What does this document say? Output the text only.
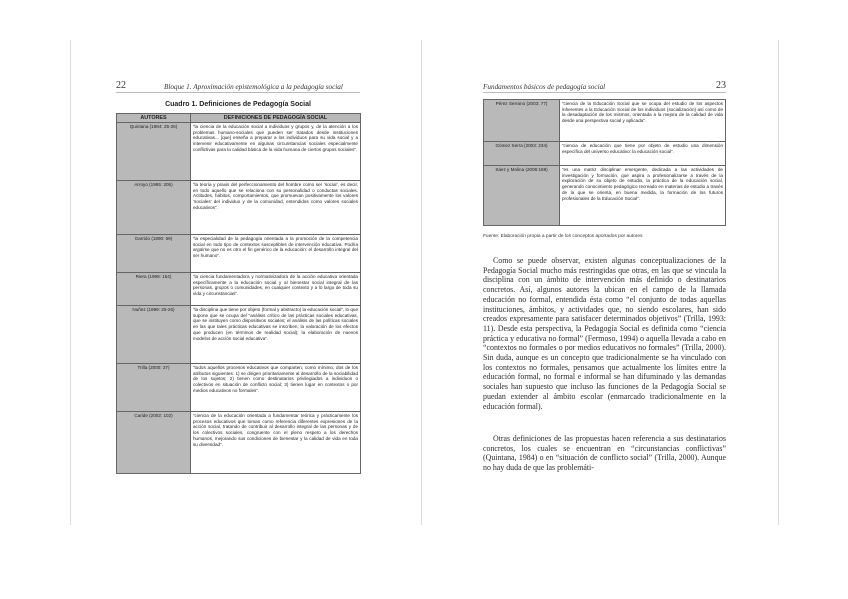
22	Bloque 1. Aproximación epistemológica a la pedagogía social
Cuadro 1. Definiciones de Pedagogía Social
AUTORES	DEFINICIONES DE PEDAGOGÍA SOCIAL
Quintana (1984: 25-26)	“la ciencia de la educación social a individuos y grupos y, de la atención a los problemas humano-sociales que pueden ser tratados desde instituciones educativas... [que] enseña a preparar a los individuos para su vida social y a intervenir educativamente en algunas circunstancias sociales especialmente conflictivas para la calidad básica de la vida humana de ciertos grupos sociales”.
Arroyo (1985: 205)	“la teoría y praxis del perfeccionamiento del hombre como ser ‘social’, es decir, en todo aquello que se relaciona con su personalidad o conductas sociales. Actitudes, hábitos, comportamientos, que promuevan positivamente los valores ‘sociales’ del individuo y de la comunidad, entendidos como valores sociales educativos”.
Garrido (1990: 59)	“la especialidad de la pedagogía orientada a la promoción de la competencia social en todo tipo de contextos susceptibles de intervención educativa. Podría argüirse que no es otro el fin genérico de la educación: el desarrollo integral del ser humano”.
Riera (1998: 154)	“la ciencia fundamentadora y normativizadora de la acción educativa orientada específicamente a la educación social y al bienestar social integral de las personas, grupos o comunidades, en cualquier contexto y a lo largo de toda su vida y circunstancias”.
Nuñez (1999: 25-26)	“la disciplina que tiene por objeto (formal y abstracto) la educación social”, lo que supone que se ocupa del “análisis crítico de las prácticas sociales educativas, que se instituyen como dispositivos sociales; el análisis de las políticas sociales en las que tales prácticas educativas se inscriben; la valoración de los efectos que producen (en términos de realidad social); la elaboración de nuevos modelos de acción social educativa”.
Trilla (2000: 37)	“todos aquellos procesos educativos que comparten, como mínimo, dos de los atributos siguientes: 1) se dirigen prioritariamente al desarrollo de la sociabilidad de los sujetos; 2) tienen como destinatarios privilegiados a individuos o colectivos en situación de conflicto social; 3) tienen lugar en contextos o por medios educativos no formales”.
Caride (2002: 102)	“ciencia de la educación orientada a fundamentar teórica y prácticamente los procesos educativos que toman como referencia diferentes expresiones de la acción social, tratando de contribuir al desarrollo integral de las personas y de los colectivos sociales, congruente con el pleno respeto a los derechos humanos, mejorando sus condiciones de bienestar y la calidad de vida en toda su diversidad”.
Fundamentos básicos de pedagogía social	23
Pérez Serrano (2003: 77)	“ciencia de la Educación Social que se ocupa del estudio de los aspectos inherentes a la Educación Social de los individuos (socialización) así como de la desadaptación de los mismos, orientada a la mejora de la calidad de vida desde una perspectiva social y aplicada”.
Gómez Serra (2003: 234)	“ciencia de educación que tiene por objeto de estudio una dimensión específica del universo educativo: la educación social”.
Sáez y Molina (2006:188)	“es una matriz disciplinar emergente, dedicada a las actividades de investigación y formación, que aspira a profesionalizarse a través de la exploración de su objeto de estudio, la práctica de la educación social, generando conocimiento pedagógico recreado en materias de estudio a través de la que se orienta, en buena medida, la formación de los futuros profesionales de la Educación Social”.
Fuente: Elaboración propia a partir de los conceptos aportados por autores

Como se puede observar, existen algunas conceptualizaciones de la Pedagogía Social mucho más restringidas que otras, en las que se vincula la disciplina con un ámbito de intervención más definido o destinatarios concretos. Así, algunos autores la ubican en el campo de la llamada educación no formal, entendida ésta como “el conjunto de todas aquellas instituciones, ámbitos, y actividades que, no siendo escolares, han sido creados expresamente para satisfacer determinados objetivos” (Trilla, 1993: 11). Desde esta perspectiva, la Pedagogía Social es definida como “ciencia práctica y educativa no formal” (Fermoso, 1994) o aquella llevada a cabo en “contextos no formales o por medios educativos no formales” (Trilla, 2000). Sin duda, aunque es un concepto que tradicionalmente se ha vinculado con los contextos no formales, pensamos que actualmente los límites entre la educación formal, no formal e informal se han difuminado y las demandas sociales han supuesto que incluso las funciones de la Pedagogía Social se puedan extender al ámbito escolar (enmarcado tradicionalmente en la educación formal).

Otras definiciones de las propuestas hacen referencia a sus destinatarios concretos, los cuales se encuentran en “circunstancias conflictivas” (Quintana, 1984) o en “situación de conflicto social” (Trilla, 2000). Aunque no hay duda de que las problemáti-
